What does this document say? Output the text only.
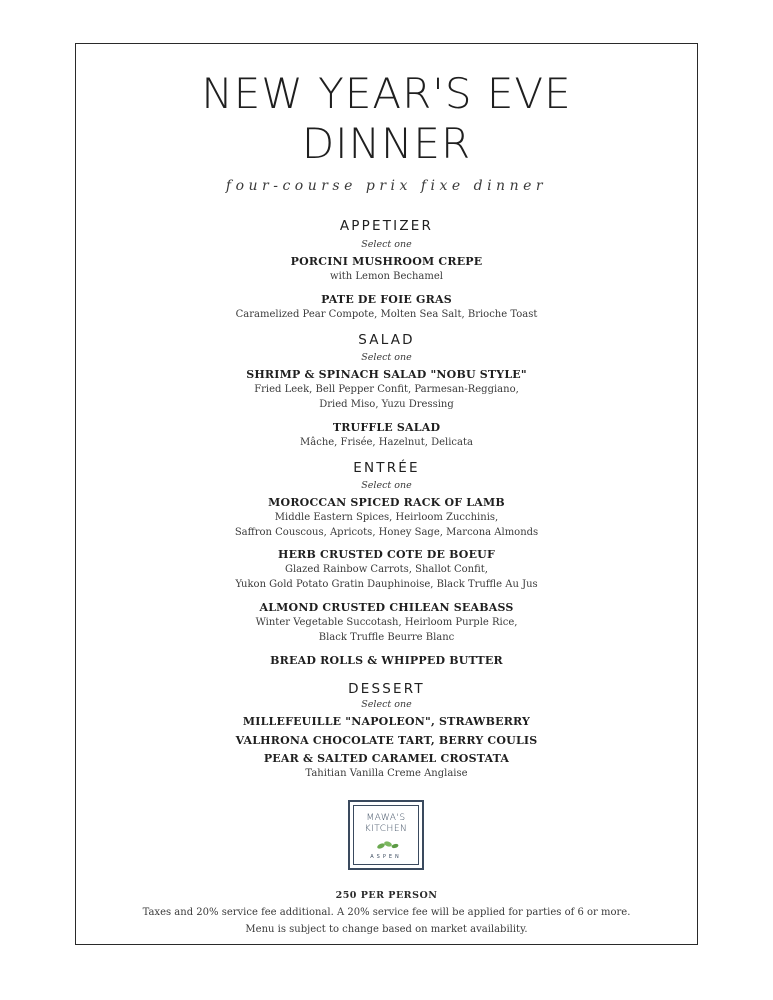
NEW YEAR'S EVE
DINNER
four-course prix fixe dinner
APPETIZER
Select one
PORCINI MUSHROOM CREPE
with Lemon Bechamel
PATE DE FOIE GRAS
Caramelized Pear Compote, Molten Sea Salt, Brioche Toast
SALAD
Select one
SHRIMP & SPINACH SALAD "NOBU STYLE"
Fried Leek, Bell Pepper Confit, Parmesan-Reggiano,
Dried Miso, Yuzu Dressing
TRUFFLE SALAD
Mâche, Frisée, Hazelnut, Delicata
ENTRÉE
Select one
MOROCCAN SPICED RACK OF LAMB
Middle Eastern Spices, Heirloom Zucchinis,
Saffron Couscous, Apricots, Honey Sage, Marcona Almonds
HERB CRUSTED COTE DE BOEUF
Glazed Rainbow Carrots, Shallot Confit,
Yukon Gold Potato Gratin Dauphinoise, Black Truffle Au Jus
ALMOND CRUSTED CHILEAN SEABASS
Winter Vegetable Succotash, Heirloom Purple Rice,
Black Truffle Beurre Blanc
BREAD ROLLS & WHIPPED BUTTER
DESSERT
Select one
MILLEFEUILLE "NAPOLEON", STRAWBERRY
VALHRONA CHOCOLATE TART, BERRY COULIS
PEAR & SALTED CARAMEL CROSTATA
Tahitian Vanilla Creme Anglaise
MAWA'S
KITCHEN
ASPEN
250 PER PERSON
Taxes and 20% service fee additional. A 20% service fee will be applied for parties of 6 or more.
Menu is subject to change based on market availability.
